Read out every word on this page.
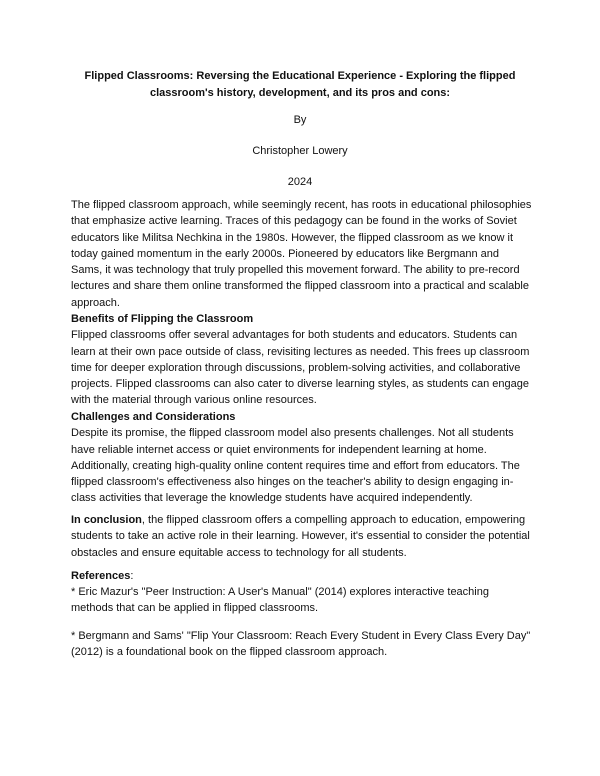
Flipped Classrooms: Reversing the Educational Experience - Exploring the flipped classroom's history, development, and its pros and cons:
By
Christopher Lowery
2024

The flipped classroom approach, while seemingly recent, has roots in educational philosophies that emphasize active learning. Traces of this pedagogy can be found in the works of Soviet educators like Militsa Nechkina in the 1980s. However, the flipped classroom as we know it today gained momentum in the early 2000s. Pioneered by educators like Bergmann and Sams, it was technology that truly propelled this movement forward. The ability to pre-record lectures and share them online transformed the flipped classroom into a practical and scalable approach.

Benefits of Flipping the Classroom

Flipped classrooms offer several advantages for both students and educators. Students can learn at their own pace outside of class, revisiting lectures as needed. This frees up classroom time for deeper exploration through discussions, problem-solving activities, and collaborative projects. Flipped classrooms can also cater to diverse learning styles, as students can engage with the material through various online resources.

Challenges and Considerations

Despite its promise, the flipped classroom model also presents challenges. Not all students have reliable internet access or quiet environments for independent learning at home. Additionally, creating high-quality online content requires time and effort from educators. The flipped classroom's effectiveness also hinges on the teacher's ability to design engaging in-class activities that leverage the knowledge students have acquired independently.

In conclusion, the flipped classroom offers a compelling approach to education, empowering students to take an active role in their learning. However, it's essential to consider the potential obstacles and ensure equitable access to technology for all students.

References:

* Eric Mazur's "Peer Instruction: A User's Manual" (2014) explores interactive teaching methods that can be applied in flipped classrooms.
* Bergmann and Sams' "Flip Your Classroom: Reach Every Student in Every Class Every Day" (2012) is a foundational book on the flipped classroom approach.
